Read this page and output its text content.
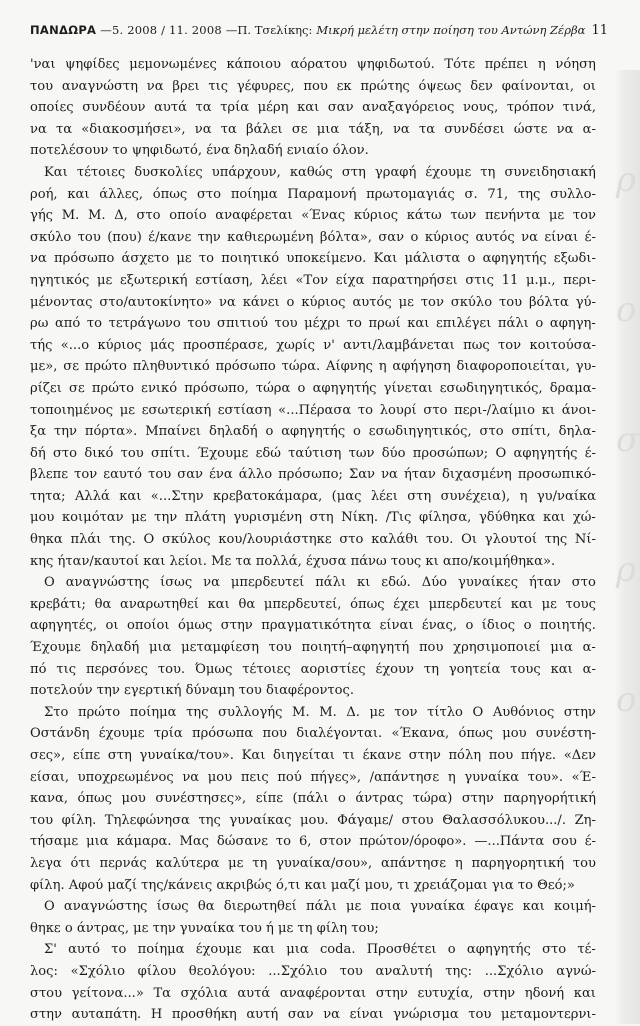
ρ
ο
σ
ρ
ο
ΠΑΝΔΩΡΑ —5. 2008 / 11. 2008 —Π. Τσελίκης: Μικρή μελέτη στην ποίηση του Αντώνη Ζέρβα 11
'ναι ψηφίδες μεμονωμένες κάποιου αόρατου ψηφιδωτού. Τότε πρέπει η νόηση
του αναγνώστη να βρει τις γέφυρες, που εκ πρώτης όψεως δεν φαίνονται, οι
οποίες συνδέουν αυτά τα τρία μέρη και σαν αναξαγόρειος νους, τρόπον τινά,
να τα «διακοσμήσει», να τα βάλει σε μια τάξη, να τα συνδέσει ώστε να α-
ποτελέσουν το ψηφιδωτό, ένα δηλαδή ενιαίο όλον.
Και τέτοιες δυσκολίες υπάρχουν, καθώς στη γραφή έχουμε τη συνειδησιακή
ροή, και άλλες, όπως στο ποίημα Παραμονή πρωτομαγιάς σ. 71, της συλλο-
γής Μ. Μ. Δ, στο οποίο αναφέρεται «Ένας κύριος κάτω των πενήντα με τον
σκύλο του (που) έ/κανε την καθιερωμένη βόλτα», σαν ο κύριος αυτός να είναι έ-
να πρόσωπο άσχετο με το ποιητικό υποκείμενο. Και μάλιστα ο αφηγητής εξωδι-
ηγητικός με εξωτερική εστίαση, λέει «Τον είχα παρατηρήσει στις 11 μ.μ., περι-
μένοντας στο/αυτοκίνητο» να κάνει ο κύριος αυτός με τον σκύλο του βόλτα γύ-
ρω από το τετράγωνο του σπιτιού του μέχρι το πρωί και επιλέγει πάλι ο αφηγη-
τής «...ο κύριος μάς προσπέρασε, χωρίς ν' αντι/λαμβάνεται πως τον κοιτούσα-
με», σε πρώτο πληθυντικό πρόσωπο τώρα. Αίφνης η αφήγηση διαφοροποιείται, γυ-
ρίζει σε πρώτο ενικό πρόσωπο, τώρα ο αφηγητής γίνεται εσωδιηγητικός, δραμα-
τοποιημένος με εσωτερική εστίαση «...Πέρασα το λουρί στο περι-/λαίμιο κι άνοι-
ξα την πόρτα». Μπαίνει δηλαδή ο αφηγητής ο εσωδιηγητικός, στο σπίτι, δηλα-
δή στο δικό του σπίτι. Έχουμε εδώ ταύτιση των δύο προσώπων; Ο αφηγητής έ-
βλεπε τον εαυτό του σαν ένα άλλο πρόσωπο; Σαν να ήταν διχασμένη προσωπικό-
τητα; Αλλά και «...Στην κρεβατοκάμαρα, (μας λέει στη συνέχεια), η γυ/ναίκα
μου κοιμόταν με την πλάτη γυρισμένη στη Νίκη. /Τις φίλησα, γδύθηκα και χώ-
θηκα πλάι της. Ο σκύλος κου/λουριάστηκε στο καλάθι του. Οι γλουτοί της Νί-
κης ήταν/καυτοί και λείοι. Με τα πολλά, έχυσα πάνω τους κι απο/κοιμήθηκα».
Ο αναγνώστης ίσως να μπερδευτεί πάλι κι εδώ. Δύο γυναίκες ήταν στο
κρεβάτι; θα αναρωτηθεί και θα μπερδευτεί, όπως έχει μπερδευτεί και με τους
αφηγητές, οι οποίοι όμως στην πραγματικότητα είναι ένας, ο ίδιος ο ποιητής.
Έχουμε δηλαδή μια μεταμφίεση του ποιητή–αφηγητή που χρησιμοποιεί μια α-
πό τις περσόνες του. Όμως τέτοιες αοριστίες έχουν τη γοητεία τους και α-
ποτελούν την εγερτική δύναμη του διαφέροντος.
Στο πρώτο ποίημα της συλλογής Μ. Μ. Δ. με τον τίτλο Ο Αυθόνιος στην
Οστάνδη έχουμε τρία πρόσωπα που διαλέγονται. «Έκανα, όπως μου συνέστη-
σες», είπε στη γυναίκα/του». Και διηγείται τι έκανε στην πόλη που πήγε. «Δεν
είσαι, υποχρεωμένος να μου πεις πού πήγες», /απάντησε η γυναίκα του». «Έ-
κανα, όπως μου συνέστησες», είπε (πάλι ο άντρας τώρα) στην παρηγορήτική
του φίλη. Τηλεφώνησα της γυναίκας μου. Φάγαμε/ στου Θαλασσόλυκου.../. Ζη-
τήσαμε μια κάμαρα. Μας δώσανε το 6, στον πρώτον/όροφο». —...Πάντα σου έ-
λεγα ότι περνάς καλύτερα με τη γυναίκα/σου», απάντησε η παρηγορητική του
φίλη. Αφού μαζί της/κάνεις ακριβώς ό,τι και μαζί μου, τι χρειάζομαι για το Θεό;»
Ο αναγνώστης ίσως θα διερωτηθεί πάλι με ποια γυναίκα έφαγε και κοιμή-
θηκε ο άντρας, με την γυναίκα του ή με τη φίλη του;
Σ' αυτό το ποίημα έχουμε και μια coda. Προσθέτει ο αφηγητής στο τέ-
λος: «Σχόλιο φίλου θεολόγου: ...Σχόλιο του αναλυτή της: ...Σχόλιο αγνώ-
στου γείτονα...» Τα σχόλια αυτά αναφέρονται στην ευτυχία, στην ηδονή και
στην αυταπάτη. Η προσθήκη αυτή σαν να είναι γνώρισμα του μεταμοντερνι-
